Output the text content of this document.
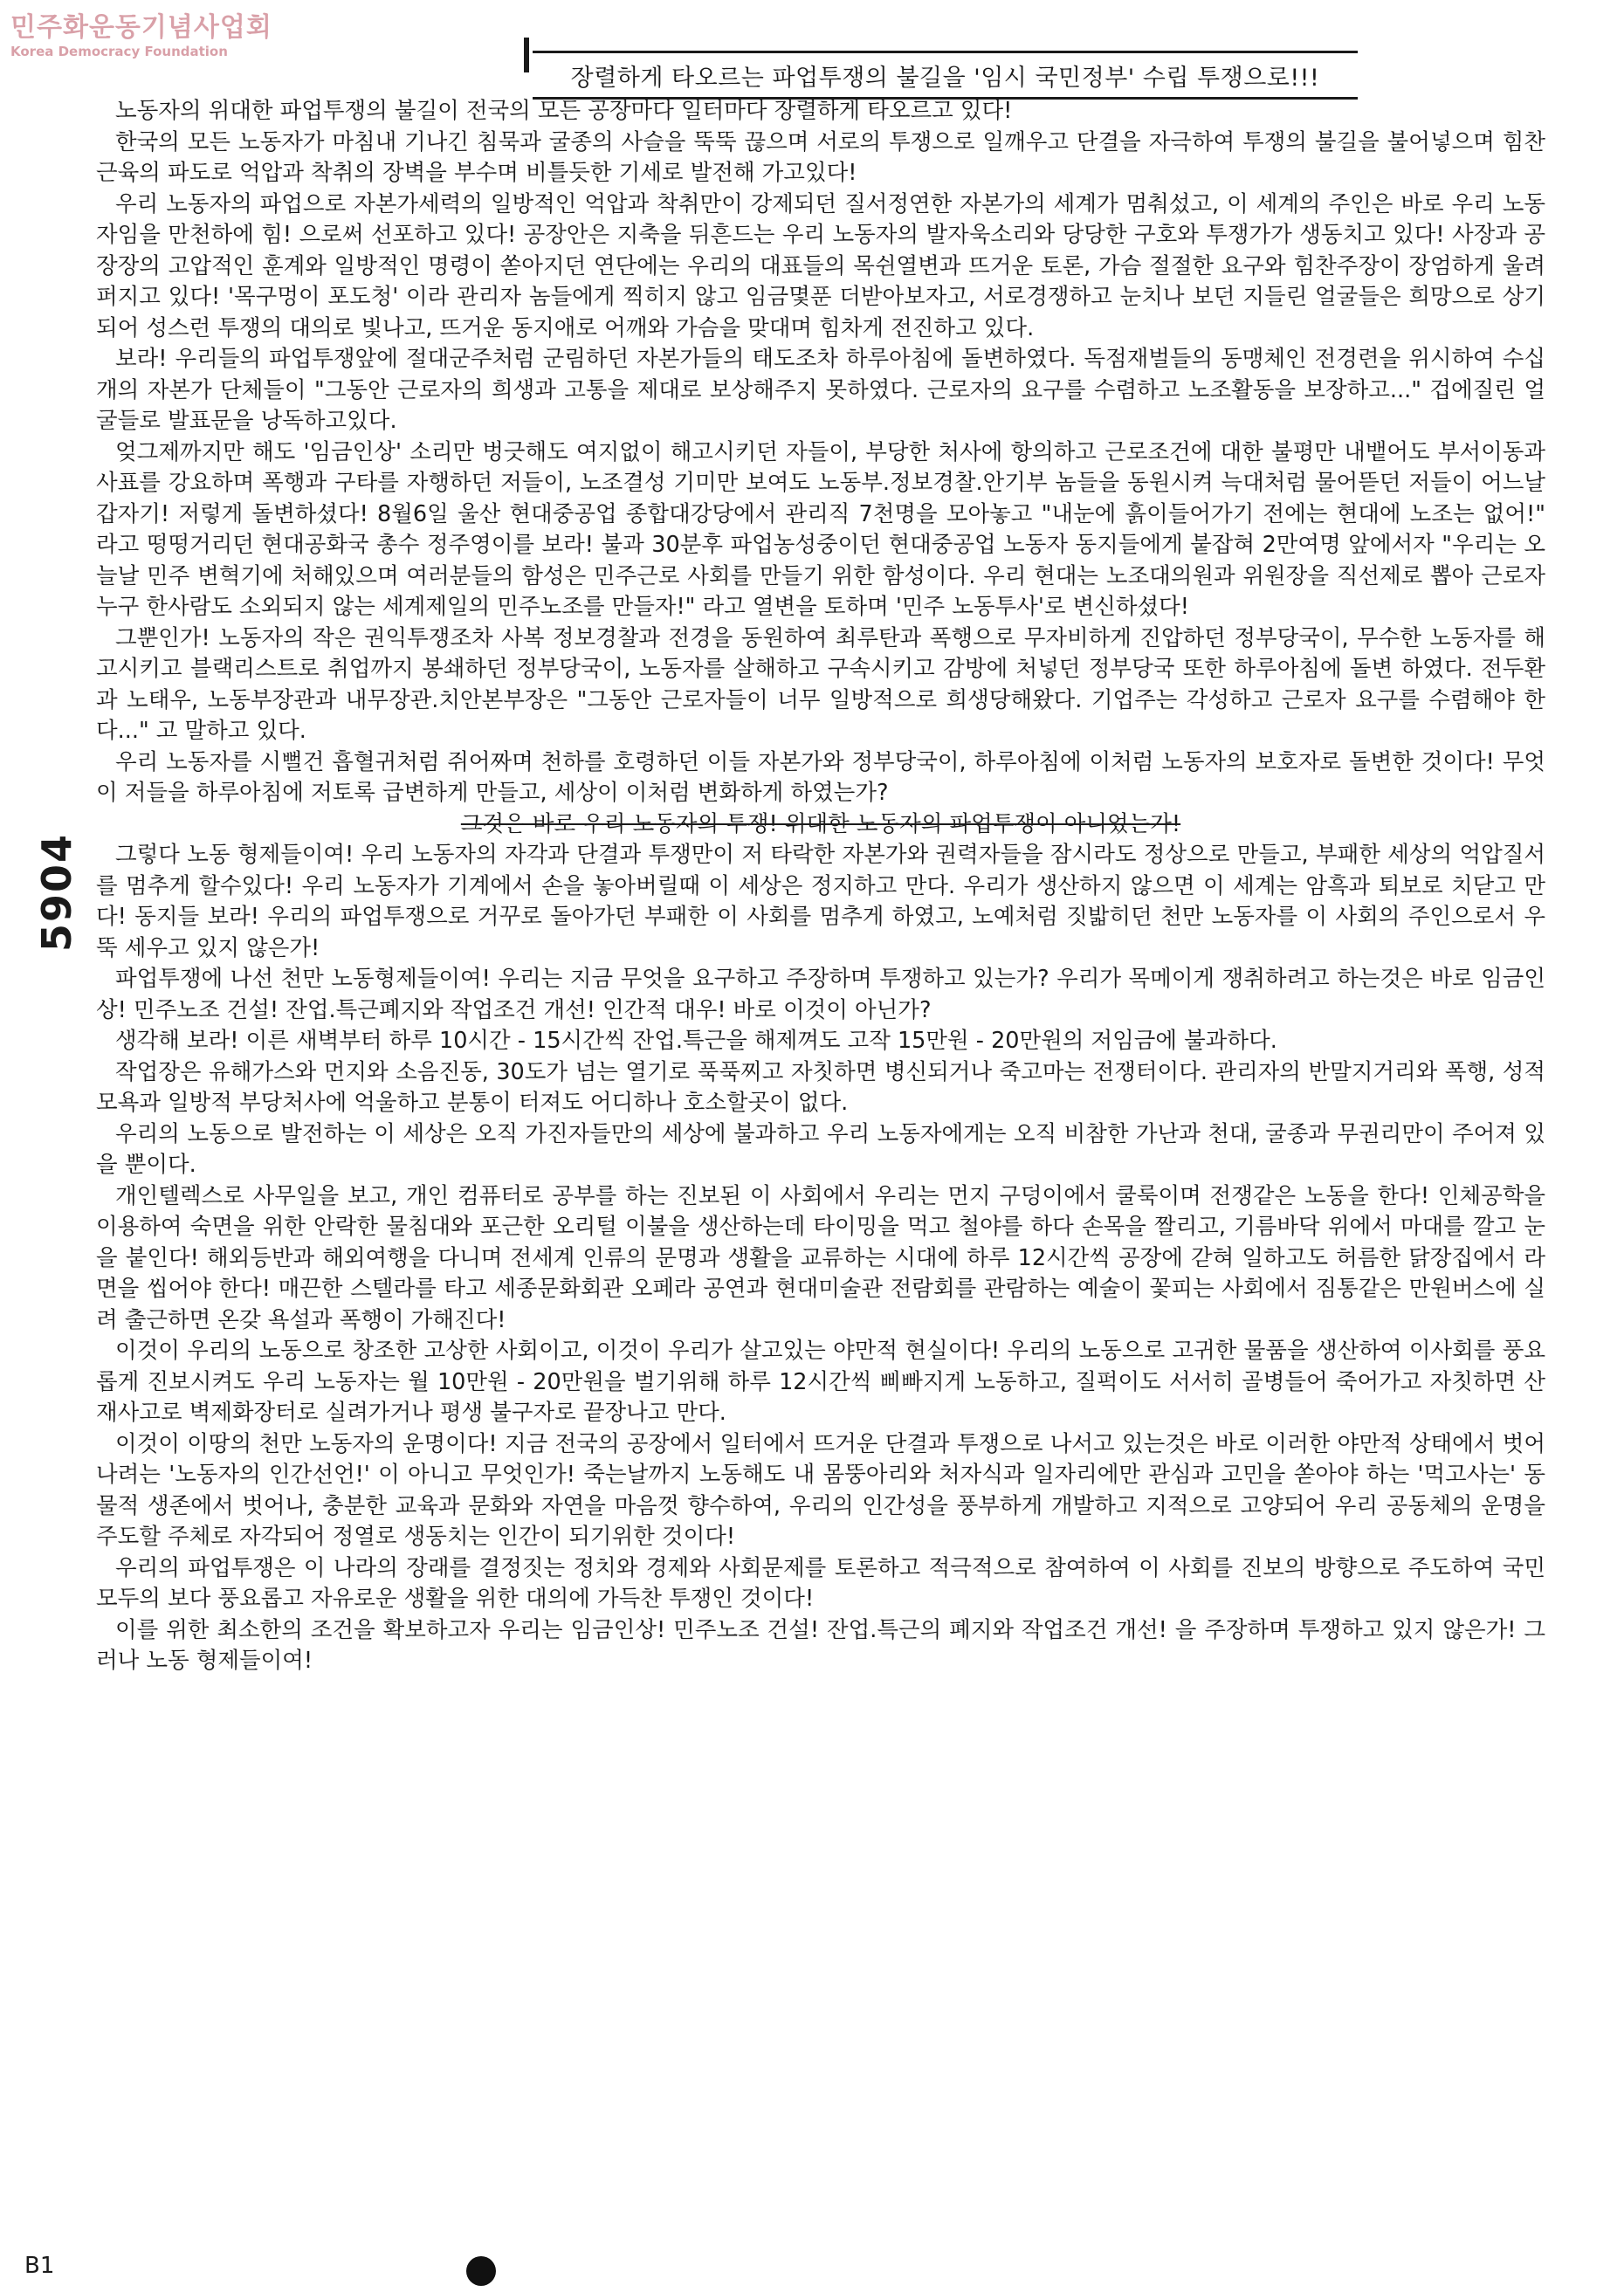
민주화운동기념사업회
Korea Democracy Foundation
장렬하게 타오르는 파업투쟁의 불길을 '임시 국민정부' 수립 투쟁으로!!!

노동자의 위대한 파업투쟁의 불길이 전국의 모든 공장마다 일터마다 장렬하게 타오르고 있다!

한국의 모든 노동자가 마침내 기나긴 침묵과 굴종의 사슬을 뚝뚝 끊으며 서로의 투쟁으로 일깨우고 단결을 자극하여 투쟁의 불길을 불어넣으며 힘찬 근육의 파도로 억압과 착취의 장벽을 부수며 비틀듯한 기세로 발전해 가고있다!

우리 노동자의 파업으로 자본가세력의 일방적인 억압과 착취만이 강제되던 질서정연한 자본가의 세계가 멈춰섰고, 이 세계의 주인은 바로 우리 노동자임을 만천하에 힘! 으로써 선포하고 있다! 공장안은 지축을 뒤흔드는 우리 노동자의 발자욱소리와 당당한 구호와 투쟁가가 생동치고 있다! 사장과 공장장의 고압적인 훈계와 일방적인 명령이 쏟아지던 연단에는 우리의 대표들의 목쉰열변과 뜨거운 토론, 가슴 절절한 요구와 힘찬주장이 장엄하게 울려 퍼지고 있다! '목구멍이 포도청' 이라 관리자 놈들에게 찍히지 않고 임금몇푼 더받아보자고, 서로경쟁하고 눈치나 보던 지들린 얼굴들은 희망으로 상기되어 성스런 투쟁의 대의로 빛나고, 뜨거운 동지애로 어깨와 가슴을 맞대며 힘차게 전진하고 있다.

보라! 우리들의 파업투쟁앞에 절대군주처럼 군림하던 자본가들의 태도조차 하루아침에 돌변하였다. 독점재벌들의 동맹체인 전경련을 위시하여 수십개의 자본가 단체들이 "그동안 근로자의 희생과 고통을 제대로 보상해주지 못하였다. 근로자의 요구를 수렴하고 노조활동을 보장하고..." 겁에질린 얼굴들로 발표문을 낭독하고있다.

엊그제까지만 해도 '임금인상' 소리만 벙긋해도 여지없이 해고시키던 자들이, 부당한 처사에 항의하고 근로조건에 대한 불평만 내뱉어도 부서이동과 사표를 강요하며 폭행과 구타를 자행하던 저들이, 노조결성 기미만 보여도 노동부.정보경찰.안기부 놈들을 동원시켜 늑대처럼 물어뜯던 저들이 어느날 갑자기! 저렇게 돌변하셨다! 8월6일 울산 현대중공업 종합대강당에서 관리직 7천명을 모아놓고 "내눈에 흙이들어가기 전에는 현대에 노조는 없어!" 라고 떵떵거리던 현대공화국 총수 정주영이를 보라! 불과 30분후 파업농성중이던 현대중공업 노동자 동지들에게 붙잡혀 2만여명 앞에서자 "우리는 오늘날 민주 변혁기에 처해있으며 여러분들의 함성은 민주근로 사회를 만들기 위한 함성이다. 우리 현대는 노조대의원과 위원장을 직선제로 뽑아 근로자 누구 한사람도 소외되지 않는 세계제일의 민주노조를 만들자!" 라고 열변을 토하며 '민주 노동투사'로 변신하셨다!

그뿐인가! 노동자의 작은 권익투쟁조차 사복 정보경찰과 전경을 동원하여 최루탄과 폭행으로 무자비하게 진압하던 정부당국이, 무수한 노동자를 해고시키고 블랙리스트로 취업까지 봉쇄하던 정부당국이, 노동자를 살해하고 구속시키고 감방에 처넣던 정부당국 또한 하루아침에 돌변 하였다. 전두환과 노태우, 노동부장관과 내무장관.치안본부장은 "그동안 근로자들이 너무 일방적으로 희생당해왔다. 기업주는 각성하고 근로자 요구를 수렴해야 한다..." 고 말하고 있다.

우리 노동자를 시뻘건 흡혈귀처럼 쥐어짜며 천하를 호령하던 이들 자본가와 정부당국이, 하루아침에 이처럼 노동자의 보호자로 돌변한 것이다! 무엇이 저들을 하루아침에 저토록 급변하게 만들고, 세상이 이처럼 변화하게 하였는가?

그것은 바로 우리 노동자의 투쟁! 위대한 노동자의 파업투쟁이 아니었는가!

그렇다 노동 형제들이여! 우리 노동자의 자각과 단결과 투쟁만이 저 타락한 자본가와 권력자들을 잠시라도 정상으로 만들고, 부패한 세상의 억압질서를 멈추게 할수있다! 우리 노동자가 기계에서 손을 놓아버릴때 이 세상은 정지하고 만다. 우리가 생산하지 않으면 이 세계는 암흑과 퇴보로 치닫고 만다! 동지들 보라! 우리의 파업투쟁으로 거꾸로 돌아가던 부패한 이 사회를 멈추게 하였고, 노예처럼 짓밟히던 천만 노동자를 이 사회의 주인으로서 우뚝 세우고 있지 않은가!

파업투쟁에 나선 천만 노동형제들이여! 우리는 지금 무엇을 요구하고 주장하며 투쟁하고 있는가? 우리가 목메이게 쟁취하려고 하는것은 바로 임금인상! 민주노조 건설! 잔업.특근폐지와 작업조건 개선! 인간적 대우! 바로 이것이 아닌가?

생각해 보라! 이른 새벽부터 하루 10시간 - 15시간씩 잔업.특근을 해제껴도 고작 15만원 - 20만원의 저임금에 불과하다.

작업장은 유해가스와 먼지와 소음진동, 30도가 넘는 열기로 푹푹찌고 자칫하면 병신되거나 죽고마는 전쟁터이다. 관리자의 반말지거리와 폭행, 성적모욕과 일방적 부당처사에 억울하고 분통이 터져도 어디하나 호소할곳이 없다.

우리의 노동으로 발전하는 이 세상은 오직 가진자들만의 세상에 불과하고 우리 노동자에게는 오직 비참한 가난과 천대, 굴종과 무권리만이 주어져 있을 뿐이다.

개인텔렉스로 사무일을 보고, 개인 컴퓨터로 공부를 하는 진보된 이 사회에서 우리는 먼지 구덩이에서 쿨룩이며 전쟁같은 노동을 한다! 인체공학을 이용하여 숙면을 위한 안락한 물침대와 포근한 오리털 이불을 생산하는데 타이밍을 먹고 철야를 하다 손목을 짤리고, 기름바닥 위에서 마대를 깔고 눈을 붙인다! 해외등반과 해외여행을 다니며 전세계 인류의 문명과 생활을 교류하는 시대에 하루 12시간씩 공장에 갇혀 일하고도 허름한 닭장집에서 라면을 씹어야 한다! 매끈한 스텔라를 타고 세종문화회관 오페라 공연과 현대미술관 전람회를 관람하는 예술이 꽃피는 사회에서 짐통같은 만원버스에 실려 출근하면 온갖 욕설과 폭행이 가해진다!

이것이 우리의 노동으로 창조한 고상한 사회이고, 이것이 우리가 살고있는 야만적 현실이다! 우리의 노동으로 고귀한 물품을 생산하여 이사회를 풍요롭게 진보시켜도 우리 노동자는 월 10만원 - 20만원을 벌기위해 하루 12시간씩 삐빠지게 노동하고, 질퍽이도 서서히 골병들어 죽어가고 자칫하면 산재사고로 벽제화장터로 실려가거나 평생 불구자로 끝장나고 만다.

이것이 이땅의 천만 노동자의 운명이다! 지금 전국의 공장에서 일터에서 뜨거운 단결과 투쟁으로 나서고 있는것은 바로 이러한 야만적 상태에서 벗어나려는 '노동자의 인간선언!' 이 아니고 무엇인가! 죽는날까지 노동해도 내 몸뚱아리와 처자식과 일자리에만 관심과 고민을 쏟아야 하는 '먹고사는' 동물적 생존에서 벗어나, 충분한 교육과 문화와 자연을 마음껏 향수하여, 우리의 인간성을 풍부하게 개발하고 지적으로 고양되어 우리 공동체의 운명을 주도할 주체로 자각되어 정열로 생동치는 인간이 되기위한 것이다!

우리의 파업투쟁은 이 나라의 장래를 결정짓는 정치와 경제와 사회문제를 토론하고 적극적으로 참여하여 이 사회를 진보의 방향으로 주도하여 국민 모두의 보다 풍요롭고 자유로운 생활을 위한 대의에 가득찬 투쟁인 것이다!

이를 위한 최소한의 조건을 확보하고자 우리는 임금인상! 민주노조 건설! 잔업.특근의 폐지와 작업조건 개선! 을 주장하며 투쟁하고 있지 않은가! 그러나 노동 형제들이여!

5904
B1
